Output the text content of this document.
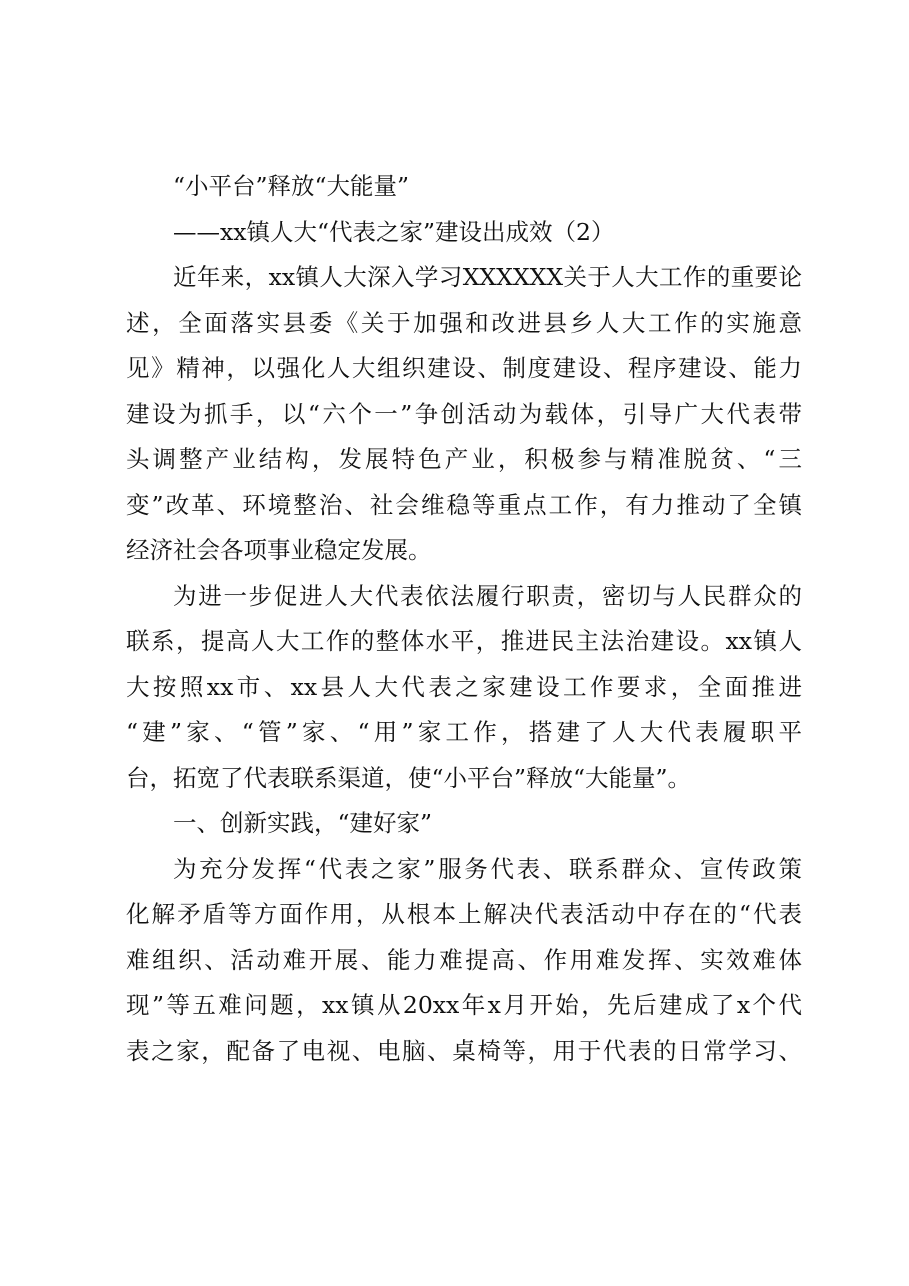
“小平台”释放“大能量”
——xx镇人大“代表之家”建设出成效（2）
近年来，xx镇人大深入学习XXXXXX关于人大工作的重要论
述，全面落实县委《关于加强和改进县乡人大工作的实施意
见》精神，以强化人大组织建设、制度建设、程序建设、能力
建设为抓手，以“六个一”争创活动为载体，引导广大代表带
头调整产业结构，发展特色产业，积极参与精准脱贫、“三
变”改革、环境整治、社会维稳等重点工作，有力推动了全镇
经济社会各项事业稳定发展。
为进一步促进人大代表依法履行职责，密切与人民群众的
联系，提高人大工作的整体水平，推进民主法治建设。xx镇人
大按照xx市、xx县人大代表之家建设工作要求，全面推进
“建”家、“管”家、“用”家工作，搭建了人大代表履职平
台，拓宽了代表联系渠道，使“小平台”释放“大能量”。
一、创新实践，“建好家”
为充分发挥“代表之家”服务代表、联系群众、宣传政策
化解矛盾等方面作用，从根本上解决代表活动中存在的“代表
难组织、活动难开展、能力难提高、作用难发挥、实效难体
现”等五难问题，xx镇从20xx年x月开始，先后建成了x个代
表之家，配备了电视、电脑、桌椅等，用于代表的日常学习、
